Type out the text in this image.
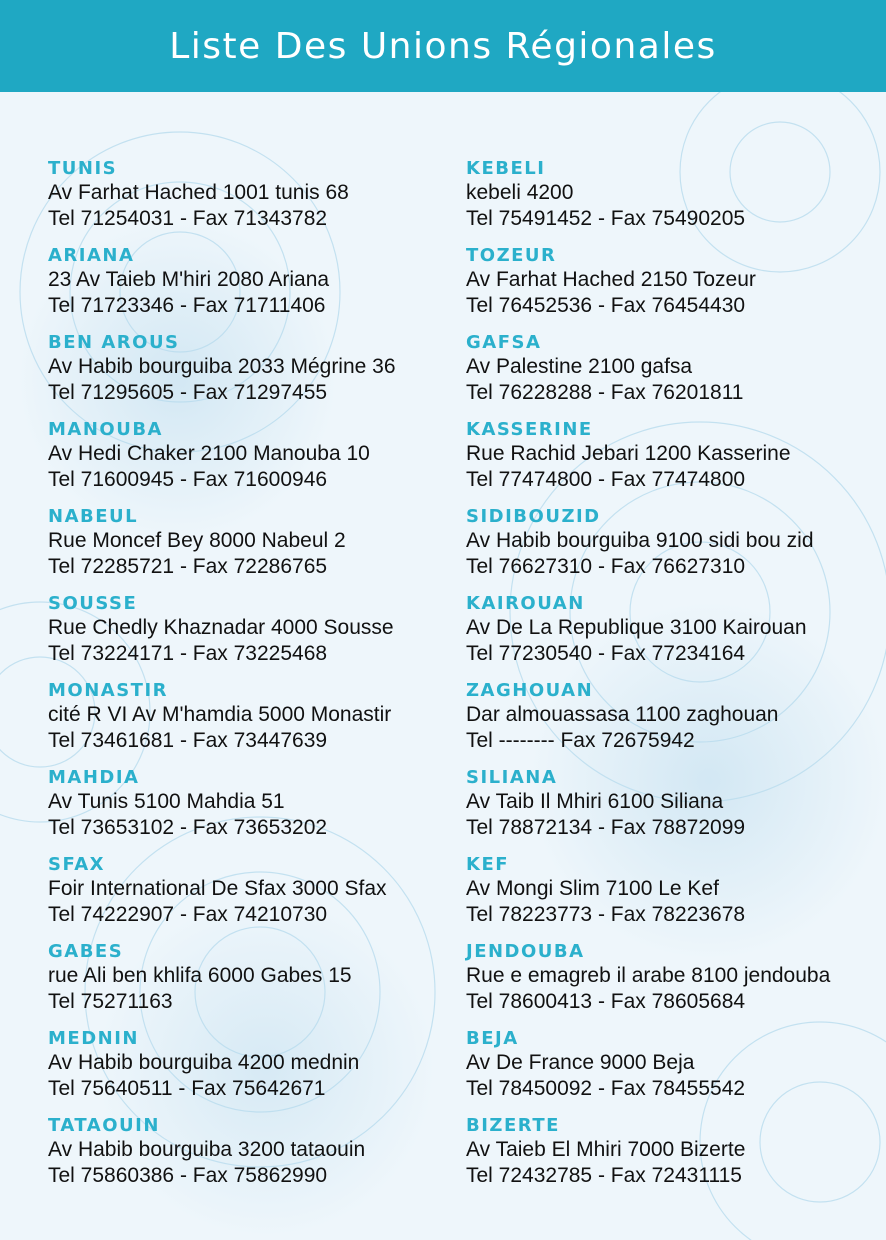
Liste Des Unions Régionales
TUNIS
Av Farhat Hached 1001 tunis 68
Tel 71254031 - Fax 71343782
ARIANA
23 Av Taieb M'hiri 2080 Ariana
Tel 71723346 - Fax 71711406
BEN AROUS
Av Habib bourguiba 2033 Mégrine 36
Tel 71295605 - Fax 71297455
MANOUBA
Av Hedi Chaker 2100 Manouba 10
Tel 71600945 - Fax 71600946
NABEUL
Rue Moncef Bey 8000 Nabeul 2
Tel 72285721 - Fax 72286765
SOUSSE
Rue Chedly Khaznadar 4000 Sousse
Tel 73224171 - Fax 73225468
MONASTIR
cité R VI Av M'hamdia 5000 Monastir
Tel 73461681 - Fax 73447639
MAHDIA
Av Tunis 5100 Mahdia 51
Tel 73653102 - Fax 73653202
SFAX
Foir International De Sfax 3000 Sfax
Tel 74222907 - Fax 74210730
GABES
rue Ali ben khlifa 6000 Gabes 15
Tel 75271163
MEDNIN
Av Habib bourguiba 4200 mednin
Tel 75640511 - Fax 75642671
TATAOUIN
Av Habib bourguiba 3200 tataouin
Tel 75860386 - Fax 75862990
KEBELI
kebeli 4200
Tel 75491452 - Fax 75490205
TOZEUR
Av Farhat Hached 2150 Tozeur
Tel 76452536 - Fax 76454430
GAFSA
Av Palestine 2100 gafsa
Tel 76228288 - Fax 76201811
KASSERINE
Rue Rachid Jebari 1200 Kasserine
Tel 77474800 - Fax 77474800
SIDIBOUZID
Av Habib bourguiba 9100 sidi bou zid
Tel 76627310 - Fax 76627310
KAIROUAN
Av De La Republique 3100 Kairouan
Tel 77230540 - Fax 77234164
ZAGHOUAN
Dar almouassasa 1100 zaghouan
Tel -------- Fax 72675942
SILIANA
Av Taib Il Mhiri 6100 Siliana
Tel 78872134 - Fax 78872099
KEF
Av Mongi Slim 7100 Le Kef
Tel 78223773 - Fax 78223678
JENDOUBA
Rue e emagreb il arabe 8100 jendouba
Tel 78600413 - Fax 78605684
BEJA
Av De France 9000 Beja
Tel 78450092 - Fax 78455542
BIZERTE
Av Taieb El Mhiri 7000 Bizerte
Tel 72432785 - Fax 72431115
